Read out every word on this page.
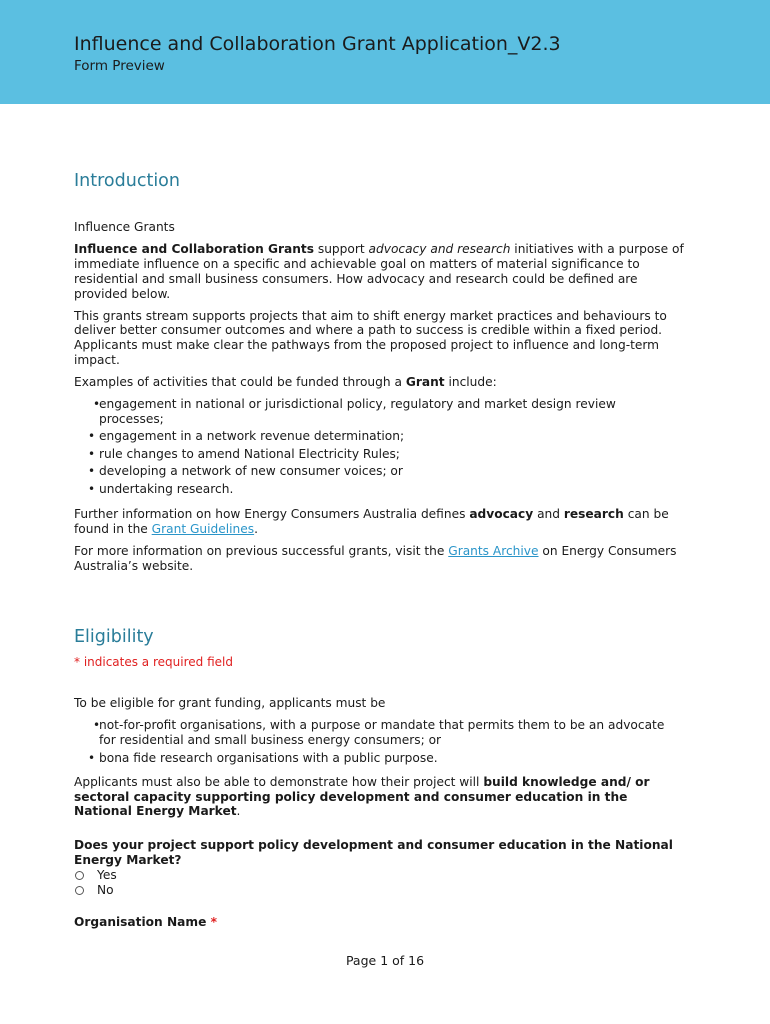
Influence and Collaboration Grant Application_V2.3
Form Preview
Introduction

Influence Grants

Influence and Collaboration Grants support advocacy and research initiatives with a purpose of immediate influence on a specific and achievable goal on matters of material significance to residential and small business consumers. How advocacy and research could be defined are provided below.

This grants stream supports projects that aim to shift energy market practices and behaviours to deliver better consumer outcomes and where a path to success is credible within a fixed period. Applicants must make clear the pathways from the proposed project to influence and long-term impact.

Examples of activities that could be funded through a Grant include:

• engagement in national or jurisdictional policy, regulatory and market design review processes;
• engagement in a network revenue determination;
• rule changes to amend National Electricity Rules;
• developing a network of new consumer voices; or
• undertaking research.

Further information on how Energy Consumers Australia defines advocacy and research can be found in the Grant Guidelines.

For more information on previous successful grants, visit the Grants Archive on Energy Consumers Australia’s website.

Eligibility

* indicates a required field

To be eligible for grant funding, applicants must be

• not-for-profit organisations, with a purpose or mandate that permits them to be an advocate for residential and small business energy consumers; or
• bona fide research organisations with a public purpose.

Applicants must also be able to demonstrate how their project will build knowledge and/ or sectoral capacity supporting policy development and consumer education in the National Energy Market.

Does your project support policy development and consumer education in the National Energy Market?

Yes
No

Organisation Name *

Page 1 of 16
